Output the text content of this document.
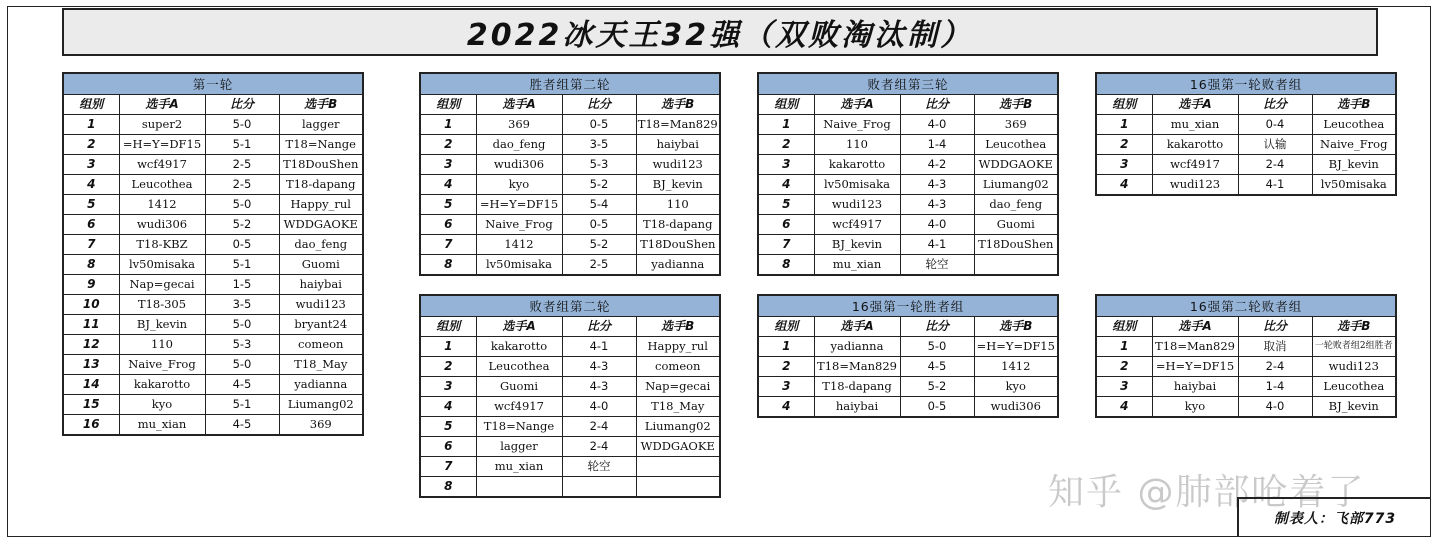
2022冰天王32强（双败淘汰制）
第一轮			
组别	选手A	比分	选手B
1	super2	5-0	lagger
2	=H=Y=DF15	5-1	T18=Nange
3	wcf4917	2-5	T18DouShen
4	Leucothea	2-5	T18-dapang
5	1412	5-0	Happy_rul
6	wudi306	5-2	WDDGAOKE
7	T18-KBZ	0-5	dao_feng
8	lv50misaka	5-1	Guomi
9	Nap=gecai	1-5	haiybai
10	T18-305	3-5	wudi123
11	BJ_kevin	5-0	bryant24
12	110	5-3	comeon
13	Naive_Frog	5-0	T18_May
14	kakarotto	4-5	yadianna
15	kyo	5-1	Liumang02
16	mu_xian	4-5	369
胜者组第二轮			
组别	选手A	比分	选手B
1	369	0-5	T18=Man829
2	dao_feng	3-5	haiybai
3	wudi306	5-3	wudi123
4	kyo	5-2	BJ_kevin
5	=H=Y=DF15	5-4	110
6	Naive_Frog	0-5	T18-dapang
7	1412	5-2	T18DouShen
8	lv50misaka	2-5	yadianna
败者组第二轮			
组别	选手A	比分	选手B
1	kakarotto	4-1	Happy_rul
2	Leucothea	4-3	comeon
3	Guomi	4-3	Nap=gecai
4	wcf4917	4-0	T18_May
5	T18=Nange	2-4	Liumang02
6	lagger	2-4	WDDGAOKE
7	mu_xian	轮空	
8			
败者组第三轮			
组别	选手A	比分	选手B
1	Naive_Frog	4-0	369
2	110	1-4	Leucothea
3	kakarotto	4-2	WDDGAOKE
4	lv50misaka	4-3	Liumang02
5	wudi123	4-3	dao_feng
6	wcf4917	4-0	Guomi
7	BJ_kevin	4-1	T18DouShen
8	mu_xian	轮空	
16强第一轮胜者组			
组别	选手A	比分	选手B
1	yadianna	5-0	=H=Y=DF15
2	T18=Man829	4-5	1412
3	T18-dapang	5-2	kyo
4	haiybai	0-5	wudi306
16强第一轮败者组			
组别	选手A	比分	选手B
1	mu_xian	0-4	Leucothea
2	kakarotto	认输	Naive_Frog
3	wcf4917	2-4	BJ_kevin
4	wudi123	4-1	lv50misaka
16强第二轮败者组			
组别	选手A	比分	选手B
1	T18=Man829	取消	一轮败者组2组胜者
2	=H=Y=DF15	2-4	wudi123
3	haiybai	1-4	Leucothea
4	kyo	4-0	BJ_kevin
知乎 @肺部呛着了
制表人：飞部773
